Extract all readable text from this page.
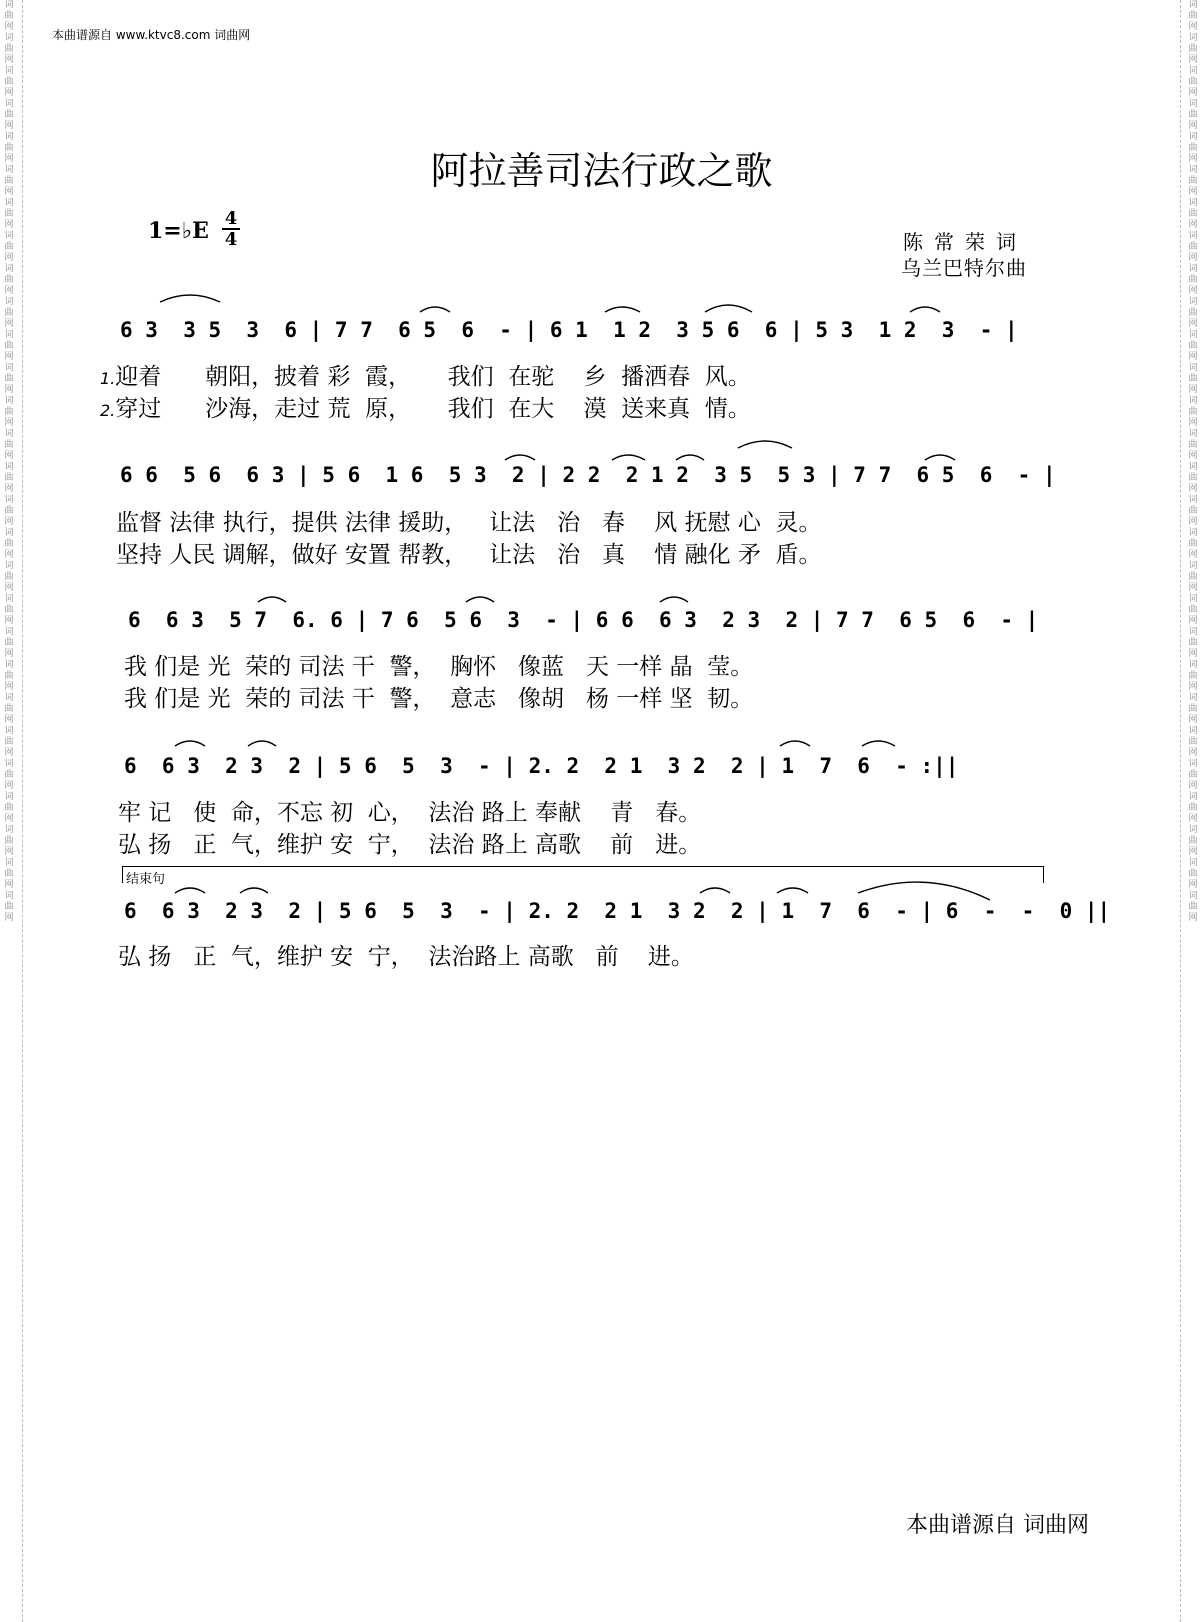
词曲网 词曲网 词曲网 词曲网 词曲网 词曲网 词曲网 词曲网 词曲网 词曲网 词曲网 词曲网 词曲网 词曲网 词曲网 词曲网 词曲网 词曲网 词曲网 词曲网 词曲网 词曲网 词曲网 词曲网 词曲网 词曲网 词曲网 词曲网
词曲网 词曲网 词曲网 词曲网 词曲网 词曲网 词曲网 词曲网 词曲网 词曲网 词曲网 词曲网 词曲网 词曲网 词曲网 词曲网 词曲网 词曲网 词曲网 词曲网 词曲网 词曲网 词曲网 词曲网 词曲网 词曲网 词曲网 词曲网
本曲谱源自 www.ktvc8.com 词曲网
阿拉善司法行政之歌
1=♭E 4
4	陈常荣词
乌兰巴特尔曲
6 3  3 5  3  6 | 7 7  6 5  6  - | 6 1  1 2  3 5 6  6 | 5 3  1 2  3  - |
1.迎着      朝阳，披着 彩  霞，     我们  在驼    乡  播洒春  风。
2.穿过      沙海，走过 荒  原，     我们  在大    漠  送来真  情。
6 6  5 6  6 3 | 5 6  1 6  5 3  2 | 2 2  2 1 2  3 5  5 3 | 7 7  6 5  6  - |
监督 法律 执行，提供 法律 援助，   让法   治   春    风 抚慰 心  灵。
坚持 人民 调解，做好 安置 帮教，   让法   治   真    情 融化 矛  盾。
6  6 3  5 7  6. 6 | 7 6  5 6  3  - | 6 6  6 3  2 3  2 | 7 7  6 5  6  - |
我 们是 光  荣的 司法 干  警，  胸怀   像蓝   天 一样 晶  莹。
我 们是 光  荣的 司法 干  警，  意志   像胡   杨 一样 坚  韧。
6  6 3  2 3  2 | 5 6  5  3  - | 2. 2  2 1  3 2  2 | 1  7  6  - :||
牢 记   使  命，不忘 初  心，  法治 路上 奉献    青   春。
弘 扬   正  气，维护 安  宁，  法治 路上 高歌    前   进。
结束句
6  6 3  2 3  2 | 5 6  5  3  - | 2. 2  2 1  3 2  2 | 1  7  6  - | 6  -  -  0 ||
弘 扬   正  气，维护 安  宁，  法治路上 高歌   前    进。
本曲谱源自 词曲网
